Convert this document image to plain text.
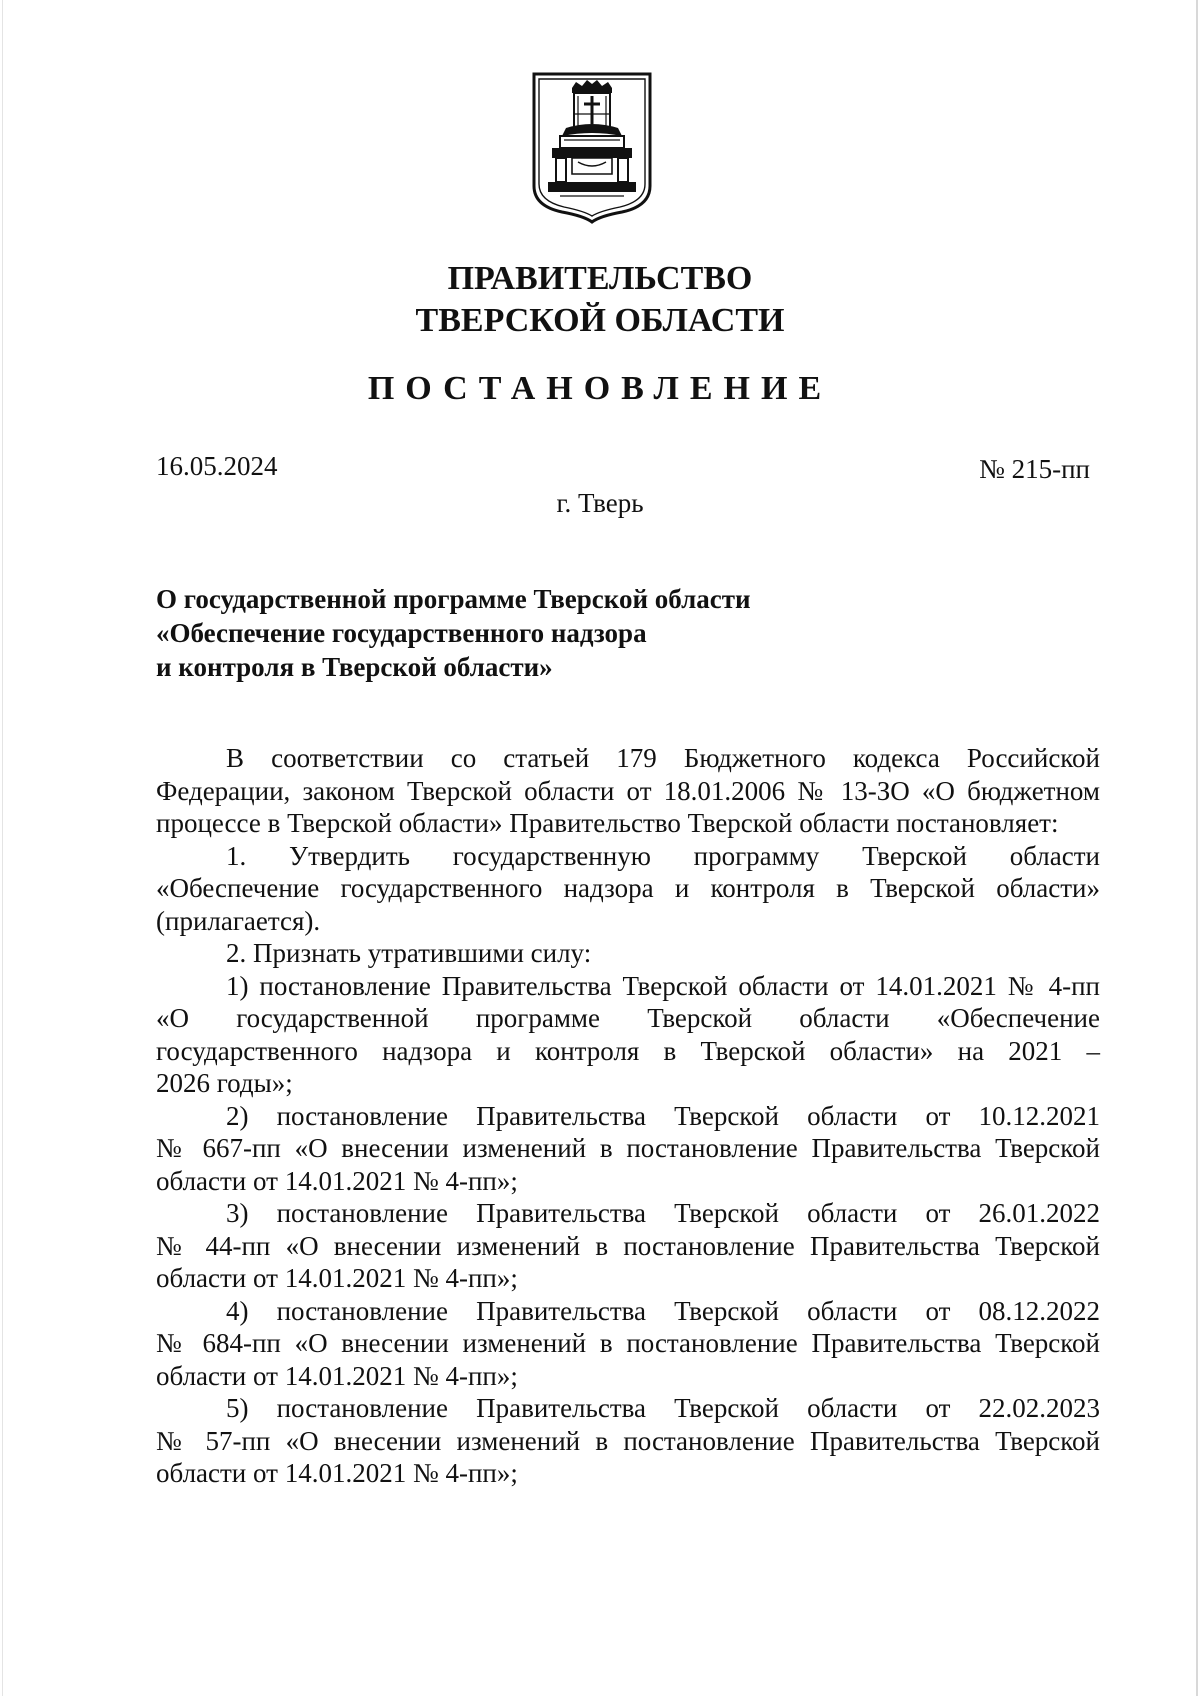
ПРАВИТЕЛЬСТВО
ТВЕРСКОЙ ОБЛАСТИ
ПОСТАНОВЛЕНИЕ
16.05.2024	№ 215-пп
г. Тверь
О государственной программе Тверской области
«Обеспечение государственного надзора
и контроля в Тверской области»
В соответствии со статьей 179 Бюджетного кодекса Российской
Федерации, законом Тверской области от 18.01.2006 № 13-ЗО «О бюджетном
процессе в Тверской области» Правительство Тверской области постановляет:
1. Утвердить государственную программу Тверской области
«Обеспечение государственного надзора и контроля в Тверской области»
(прилагается).
2. Признать утратившими силу:
1) постановление Правительства Тверской области от 14.01.2021 № 4-пп
«О государственной программе Тверской области «Обеспечение
государственного надзора и контроля в Тверской области» на 2021 –
2026 годы»;
2) постановление Правительства Тверской области от 10.12.2021
№ 667-пп «О внесении изменений в постановление Правительства Тверской
области от 14.01.2021 № 4-пп»;
3) постановление Правительства Тверской области от 26.01.2022
№ 44-пп «О внесении изменений в постановление Правительства Тверской
области от 14.01.2021 № 4-пп»;
4) постановление Правительства Тверской области от 08.12.2022
№ 684-пп «О внесении изменений в постановление Правительства Тверской
области от 14.01.2021 № 4-пп»;
5) постановление Правительства Тверской области от 22.02.2023
№ 57-пп «О внесении изменений в постановление Правительства Тверской
области от 14.01.2021 № 4-пп»;
